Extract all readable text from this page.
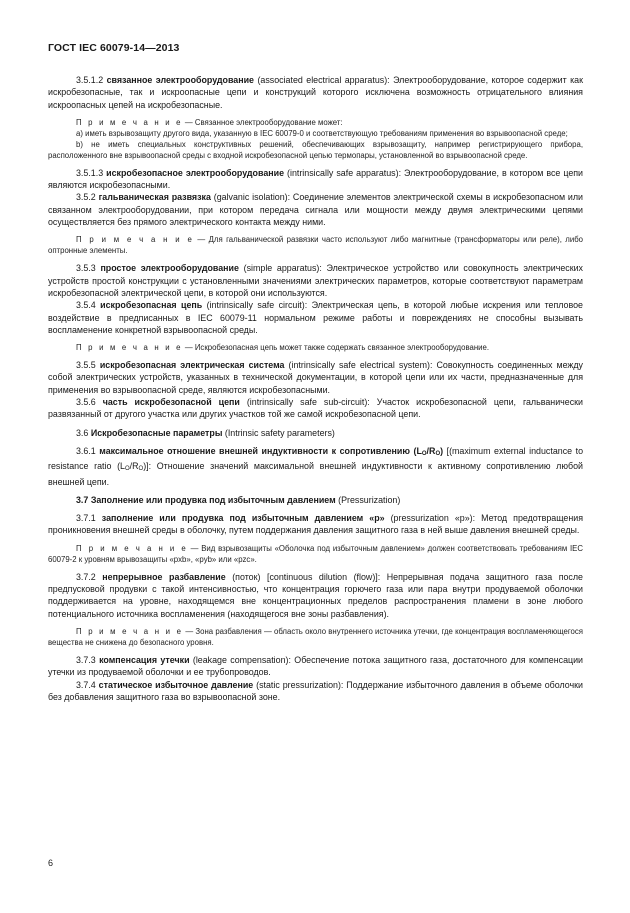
ГОСТ IEC 60079-14—2013

3.5.1.2 связанное электрооборудование (associated electrical apparatus): Электрооборудование, которое содержит как искробезопасные, так и искроопасные цепи и конструкций которого исключена возможность отрицательного влияния искроопасных цепей на искробезопасные.

П р и м е ч а н и е — Связанное электрооборудование может:

а) иметь взрывозащиту другого вида, указанную в IEC 60079-0 и соответствующую требованиям применения во взрывоопасной среде;

b) не иметь специальных конструктивных решений, обеспечивающих взрывозащиту, например регистрирующего прибора, расположенного вне взрывоопасной среды с входной искробезопасной цепью термопары, установленной во взрывоопасной среде.

3.5.1.3 искробезопасное электрооборудование (intrinsically safe apparatus): Электрооборудование, в котором все цепи являются искробезопасными.

3.5.2 гальваническая развязка (galvanic isolation): Соединение элементов электрической схемы в искробезопасном или связанном электрооборудовании, при котором передача сигнала или мощности между двумя электрическими цепями осуществляется без прямого электрического контакта между ними.

П р и м е ч а н и е — Для гальванической развязки часто используют либо магнитные (трансформаторы или реле), либо оптронные элементы.

3.5.3 простое электрооборудование (simple apparatus): Электрическое устройство или совокупность электрических устройств простой конструкции с установленными значениями электрических параметров, которые соответствуют параметрам искробезопасной электрической цепи, в которой они используются.

3.5.4 искробезопасная цепь (intrinsically safe circuit): Электрическая цепь, в которой любые искрения или тепловое воздействие в предписанных в IEC 60079-11 нормальном режиме работы и повреждениях не способны вызывать воспламенение конкретной взрывоопасной среды.

П р и м е ч а н и е — Искробезопасная цепь может также содержать связанное электрооборудование.

3.5.5 искробезопасная электрическая система (intrinsically safe electrical system): Совокупность соединенных между собой электрических устройств, указанных в технической документации, в которой цепи или их части, предназначенные для применения во взрывоопасной среде, являются искробезопасными.

3.5.6 часть искробезопасной цепи (intrinsically safe sub-circuit): Участок искробезопасной цепи, гальванически развязанный от другого участка или других участков той же самой искробезопасной цепи.

3.6 Искробезопасные параметры (Intrinsic safety parameters)

3.6.1 максимальное отношение внешней индуктивности к сопротивлению (LO/RO) [(maximum external inductance to resistance ratio (LO/RO)]: Отношение значений максимальной внешней индуктивности к активному сопротивлению любой внешней цепи.

3.7 Заполнение или продувка под избыточным давлением (Pressurization)

3.7.1 заполнение или продувка под избыточным давлением «р» (pressurization «р»): Метод предотвращения проникновения внешней среды в оболочку, путем поддержания давления защитного газа в ней выше давления внешней среды.

П р и м е ч а н и е — Вид взрывозащиты «Оболочка под избыточным давлением» должен соответствовать требованиям IEC 60079-2 к уровням врывозащиты «pxb», «pyb» или «pzc».

3.7.2 непрерывное разбавление (поток) [continuous dilution (flow)]: Непрерывная подача защитного газа после предпусковой продувки с такой интенсивностью, что концентрация горючего газа или пара внутри продуваемой оболочки поддерживается на уровне, находящемся вне концентрационных пределов распространения пламени в зоне любого потенциального источника воспламенения (находящегося вне зоны разбавления).

П р и м е ч а н и е — Зона разбавления — область около внутреннего источника утечки, где концентрация воспламеняющегося вещества не снижена до безопасного уровня.

3.7.3 компенсация утечки (leakage compensation): Обеспечение потока защитного газа, достаточного для компенсации утечки из продуваемой оболочки и ее трубопроводов.

3.7.4 статическое избыточное давление (static pressurization): Поддержание избыточного давления в объеме оболочки без добавления защитного газа во взрывоопасной зоне.

6
